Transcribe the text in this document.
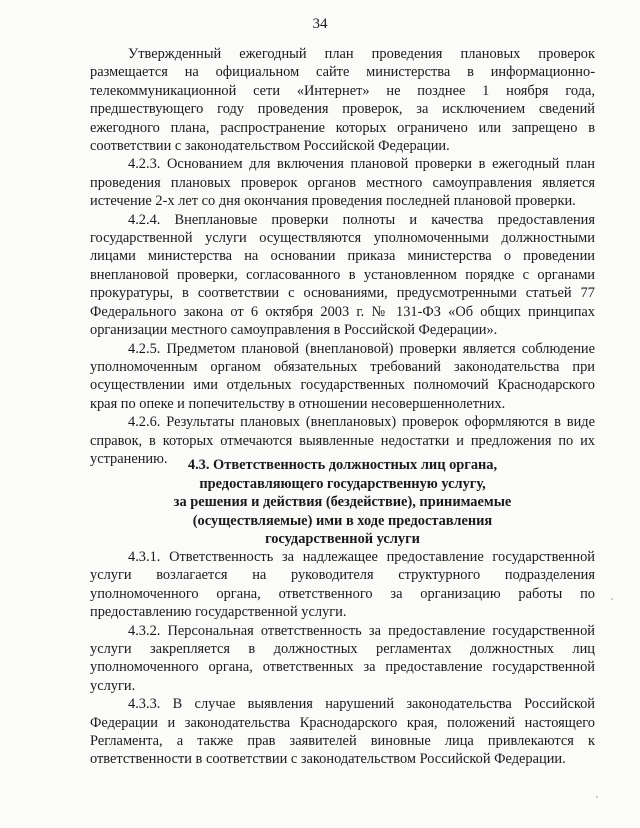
34

Утвержденный ежегодный план проведения плановых проверок размещается на официальном сайте министерства в информационно-телекоммуникационной сети «Интернет» не позднее 1 ноября года, предшествующего году проведения проверок, за исключением сведений ежегодного плана, распространение которых ограничено или запрещено в соответствии с законодательством Российской Федерации.

4.2.3. Основанием для включения плановой проверки в ежегодный план проведения плановых проверок органов местного самоуправления является истечение 2-х лет со дня окончания проведения последней плановой проверки.

4.2.4. Внеплановые проверки полноты и качества предоставления государственной услуги осуществляются уполномоченными должностными лицами министерства на основании приказа министерства о проведении внеплановой проверки, согласованного в установленном порядке с органами прокуратуры, в соответствии с основаниями, предусмотренными статьей 77 Федерального закона от 6 октября 2003 г. № 131-ФЗ «Об общих принципах организации местного самоуправления в Российской Федерации».

4.2.5. Предметом плановой (внеплановой) проверки является соблюдение уполномоченным органом обязательных требований законодательства при осуществлении ими отдельных государственных полномочий Краснодарского края по опеке и попечительству в отношении несовершеннолетних.

4.2.6. Результаты плановых (внеплановых) проверок оформляются в виде справок, в которых отмечаются выявленные недостатки и предложения по их устранению.	4.3. Ответственность должностных лиц органа,
предоставляющего государственную услугу,
за решения и действия (бездействие), принимаемые
(осуществляемые) ими в ходе предоставления
государственной услуги

4.3.1. Ответственность за надлежащее предоставление государственной услуги возлагается на руководителя структурного подразделения уполномоченного органа, ответственного за организацию работы по предоставлению государственной услуги.

4.3.2. Персональная ответственность за предоставление государственной услуги закрепляется в должностных регламентах должностных лиц уполномоченного органа, ответственных за предоставление государственной услуги.

4.3.3. В случае выявления нарушений законодательства Российской Федерации и законодательства Краснодарского края, положений настоящего Регламента, а также прав заявителей виновные лица привлекаются к ответственности в соответствии с законодательством Российской Федерации.
